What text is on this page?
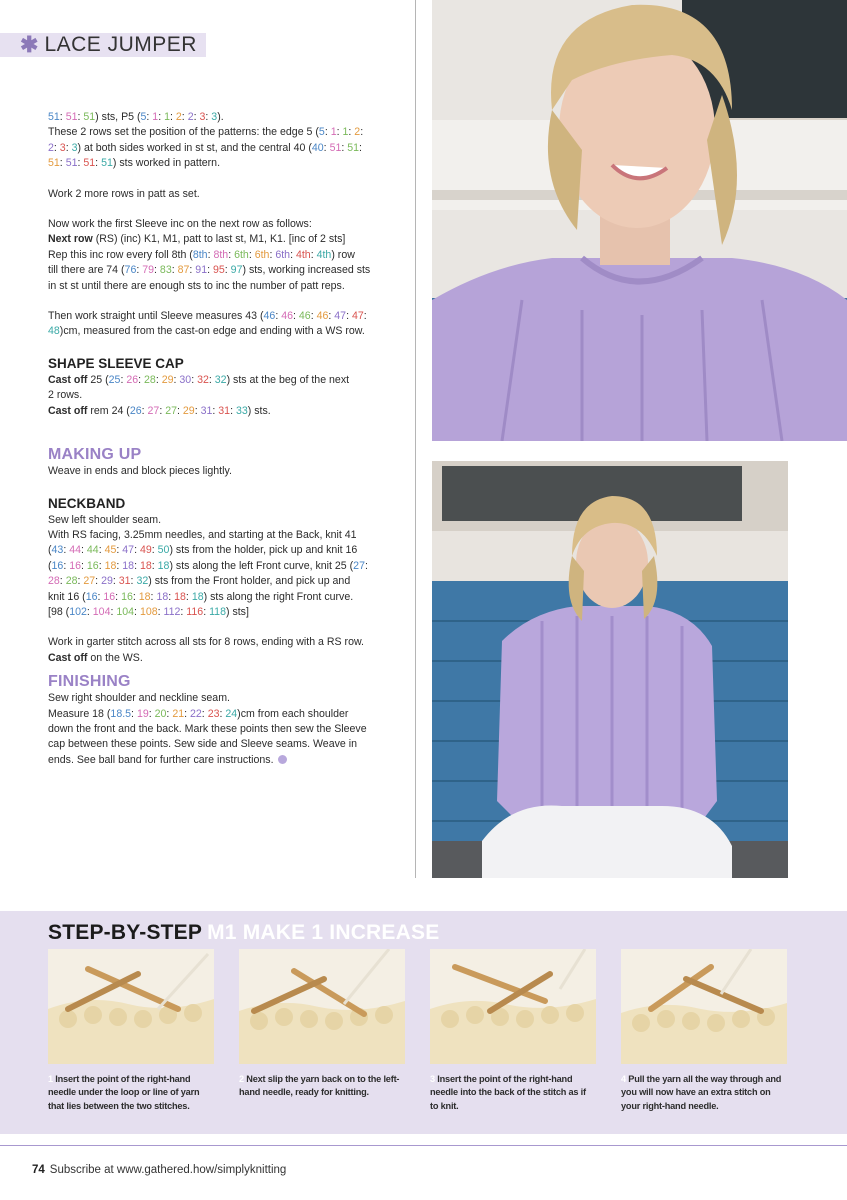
✱ LACE JUMPER

51: 51: 51) sts, P5 (5: 1: 1: 2: 2: 3: 3).

These 2 rows set the position of the patterns: the edge 5 (5: 1: 1: 2:

2: 3: 3) at both sides worked in st st, and the central 40 (40: 51: 51:

51: 51: 51: 51) sts worked in pattern.

Work 2 more rows in patt as set.

Now work the first Sleeve inc on the next row as follows:

Next row (RS) (inc) K1, M1, patt to last st, M1, K1. [inc of 2 sts]

Rep this inc row every foll 8th (8th: 8th: 6th: 6th: 6th: 4th: 4th) row

till there are 74 (76: 79: 83: 87: 91: 95: 97) sts, working increased sts

in st st until there are enough sts to inc the number of patt reps.

Then work straight until Sleeve measures 43 (46: 46: 46: 46: 47: 47:

48)cm, measured from the cast-on edge and ending with a WS row.

SHAPE SLEEVE CAP

Cast off 25 (25: 26: 28: 29: 30: 32: 32) sts at the beg of the next

2 rows.

Cast off rem 24 (26: 27: 27: 29: 31: 31: 33) sts.

MAKING UP

Weave in ends and block pieces lightly.

NECKBAND

Sew left shoulder seam.

With RS facing, 3.25mm needles, and starting at the Back, knit 41

(43: 44: 44: 45: 47: 49: 50) sts from the holder, pick up and knit 16

(16: 16: 16: 18: 18: 18: 18) sts along the left Front curve, knit 25 (27:

28: 28: 27: 29: 31: 32) sts from the Front holder, and pick up and

knit 16 (16: 16: 16: 18: 18: 18: 18) sts along the right Front curve.

[98 (102: 104: 104: 108: 112: 116: 118) sts]

Work in garter stitch across all sts for 8 rows, ending with a RS row.

Cast off on the WS.

FINISHING

Sew right shoulder and neckline seam.

Measure 18 (18.5: 19: 20: 21: 22: 23: 24)cm from each shoulder

down the front and the back. Mark these points then sew the Sleeve

cap between these points. Sew side and Sleeve seams. Weave in

ends. See ball band for further care instructions.

STEP-BY-STEP M1 MAKE 1 INCREASE
1 Insert the point of the right-hand needle under the loop or line of yarn that lies between the two stitches.
2 Next slip the yarn back on to the left-hand needle, ready for knitting.
3 Insert the point of the right-hand needle into the back of the stitch as if to knit.
4 Pull the yarn all the way through and you will now have an extra stitch on your right-hand needle.
74 Subscribe at www.gathered.how/simplyknitting
